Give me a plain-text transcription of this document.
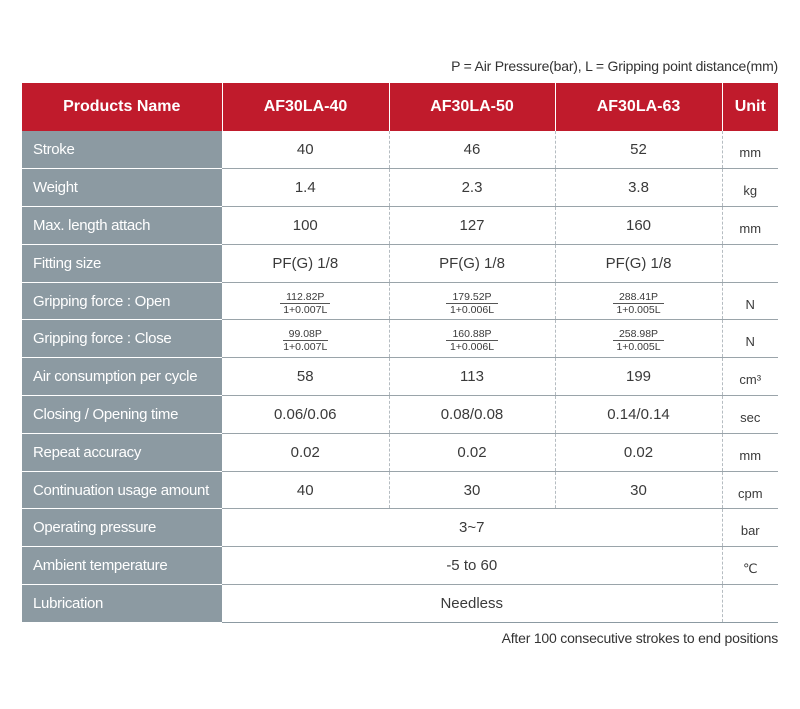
P = Air Pressure(bar), L = Gripping point distance(mm)
Products Name	AF30LA-40	AF30LA-50	AF30LA-63	Unit
Stroke	40	46	52	mm
Weight	1.4	2.3	3.8	kg
Max. length attach	100	127	160	mm
Fitting size	PF(G) 1/8	PF(G) 1/8	PF(G) 1/8	
Gripping force : Open	$\frac{112.82P}{1+0.007L}$	$\frac{179.52P}{1+0.006L}$	$\frac{288.41P}{1+0.005L}$	N
Gripping force : Close	$\frac{99.08P}{1+0.007L}$	$\frac{160.88P}{1+0.006L}$	$\frac{258.98P}{1+0.005L}$	N
Air consumption per cycle	58	113	199	cm³
Closing / Opening time	0.06/0.06	0.08/0.08	0.14/0.14	sec
Repeat accuracy	0.02	0.02	0.02	mm
Continuation usage amount	40	30	30	cpm
Operating pressure	3~7			bar
Ambient temperature	-5 to 60			℃
Lubrication	Needless			
After 100 consecutive strokes to end positions
